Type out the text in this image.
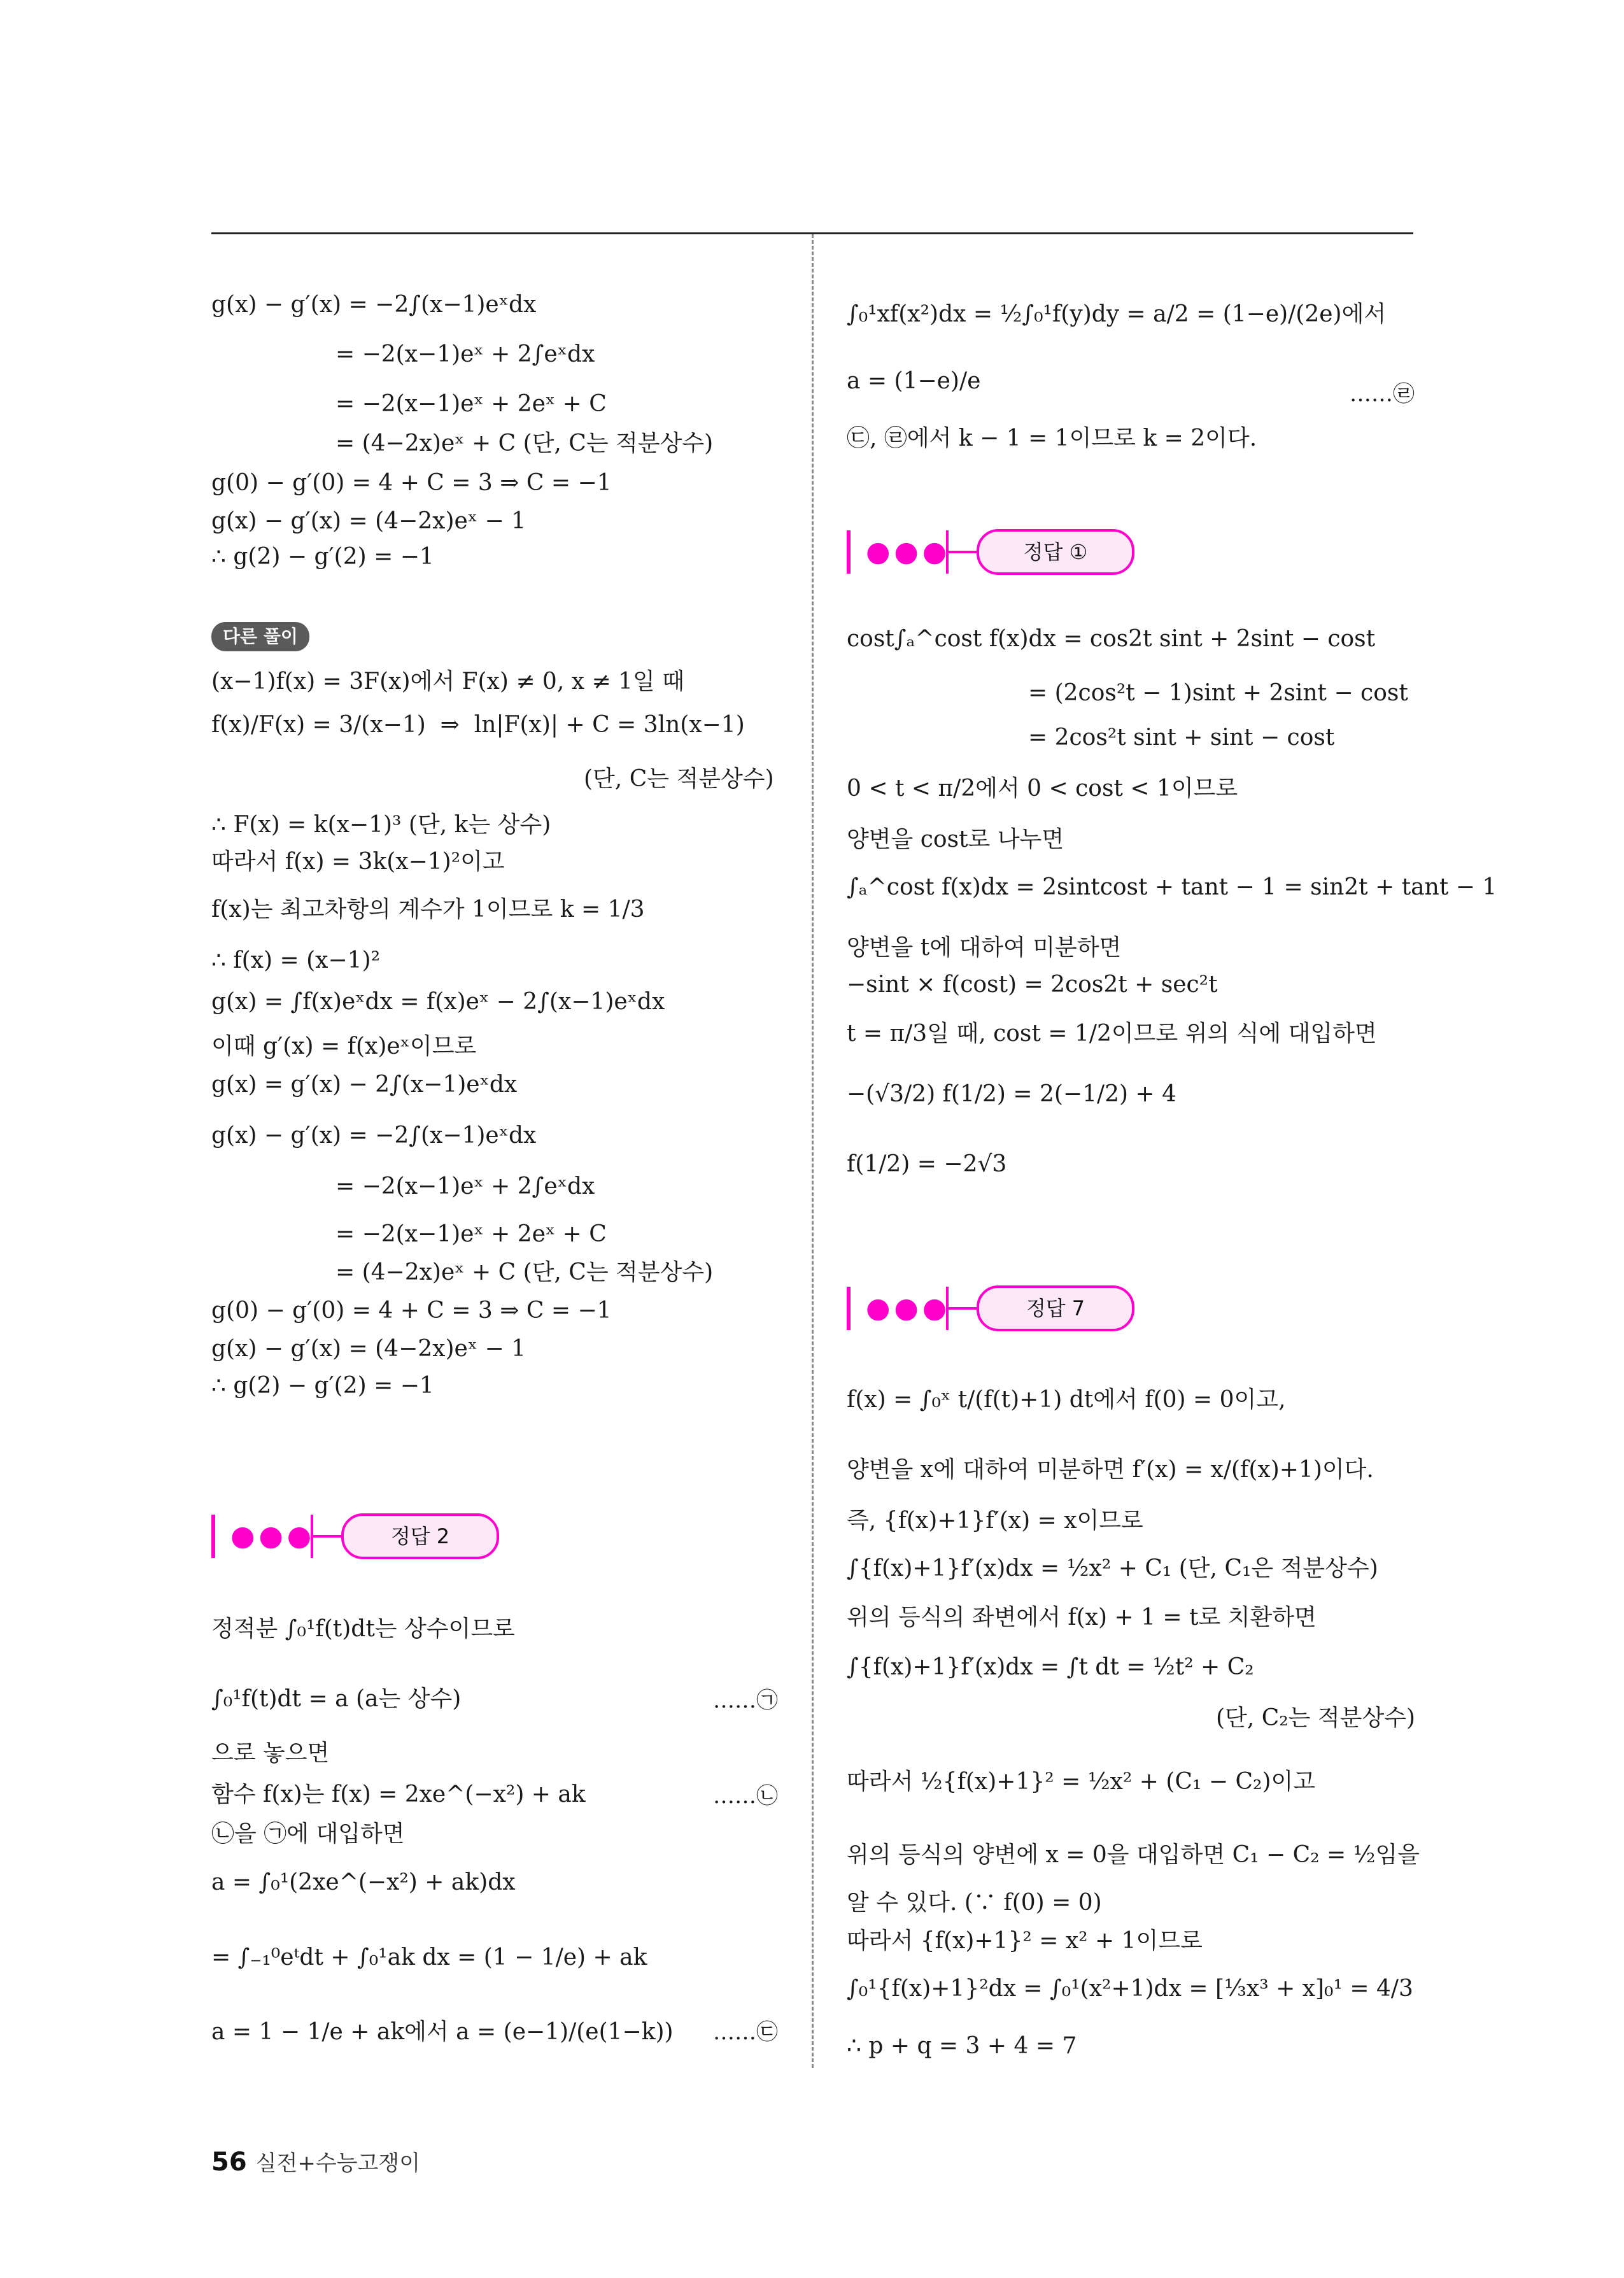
g(x) − g′(x) = −2∫(x−1)eˣdx
= −2(x−1)eˣ + 2∫eˣdx
= −2(x−1)eˣ + 2eˣ + C
= (4−2x)eˣ + C (단, C는 적분상수)
g(0) − g′(0) = 4 + C = 3 ⇒ C = −1
g(x) − g′(x) = (4−2x)eˣ − 1
∴ g(2) − g′(2) = −1
다른 풀이
(x−1)f(x) = 3F(x)에서 F(x) ≠ 0, x ≠ 1일 때
f(x)/F(x) = 3/(x−1)  ⇒  ln|F(x)| + C = 3ln(x−1)
(단, C는 적분상수)
∴ F(x) = k(x−1)³ (단, k는 상수)
따라서 f(x) = 3k(x−1)²이고
f(x)는 최고차항의 계수가 1이므로 k = 1/3
∴ f(x) = (x−1)²
g(x) = ∫f(x)eˣdx = f(x)eˣ − 2∫(x−1)eˣdx
이때 g′(x) = f(x)eˣ이므로
g(x) = g′(x) − 2∫(x−1)eˣdx
g(x) − g′(x) = −2∫(x−1)eˣdx
= −2(x−1)eˣ + 2∫eˣdx
= −2(x−1)eˣ + 2eˣ + C
= (4−2x)eˣ + C (단, C는 적분상수)
g(0) − g′(0) = 4 + C = 3 ⇒ C = −1
g(x) − g′(x) = (4−2x)eˣ − 1
∴ g(2) − g′(2) = −1
●●●	정답 2
정적분 ∫₀¹f(t)dt는 상수이므로
∫₀¹f(t)dt = a (a는 상수)	……㉠
으로 놓으면
함수 f(x)는 f(x) = 2xe^(−x²) + ak	……㉡
㉡을 ㉠에 대입하면
a = ∫₀¹(2xe^(−x²) + ak)dx
= ∫₋₁⁰eᵗdt + ∫₀¹ak dx = (1 − 1/e) + ak
a = 1 − 1/e + ak에서 a = (e−1)/(e(1−k)) ……㉢
∫₀¹xf(x²)dx = ½∫₀¹f(y)dy = a/2 = (1−e)/(2e)에서
a = (1−e)/e	……㉣
㉢, ㉣에서 k − 1 = 1이므로 k = 2이다.
●●●	정답 ①
cost∫ₐ^cost f(x)dx = cos2t sint + 2sint − cost
= (2cos²t − 1)sint + 2sint − cost
= 2cos²t sint + sint − cost
0 < t < π/2에서 0 < cost < 1이므로
양변을 cost로 나누면
∫ₐ^cost f(x)dx = 2sintcost + tant − 1 = sin2t + tant − 1
양변을 t에 대하여 미분하면
−sint × f(cost) = 2cos2t + sec²t
t = π/3일 때, cost = 1/2이므로 위의 식에 대입하면
−(√3/2) f(1/2) = 2(−1/2) + 4
f(1/2) = −2√3
●●●	정답 7
f(x) = ∫₀ˣ t/(f(t)+1) dt에서 f(0) = 0이고,
양변을 x에 대하여 미분하면 f′(x) = x/(f(x)+1)이다.
즉, {f(x)+1}f′(x) = x이므로
∫{f(x)+1}f′(x)dx = ½x² + C₁ (단, C₁은 적분상수)
위의 등식의 좌변에서 f(x) + 1 = t로 치환하면
∫{f(x)+1}f′(x)dx = ∫t dt = ½t² + C₂
(단, C₂는 적분상수)
따라서 ½{f(x)+1}² = ½x² + (C₁ − C₂)이고
위의 등식의 양변에 x = 0을 대입하면 C₁ − C₂ = ½임을
알 수 있다. (∵ f(0) = 0)
따라서 {f(x)+1}² = x² + 1이므로
∫₀¹{f(x)+1}²dx = ∫₀¹(x²+1)dx = [⅓x³ + x]₀¹ = 4/3
∴ p + q = 3 + 4 = 7
56 실전+수능고쟁이
